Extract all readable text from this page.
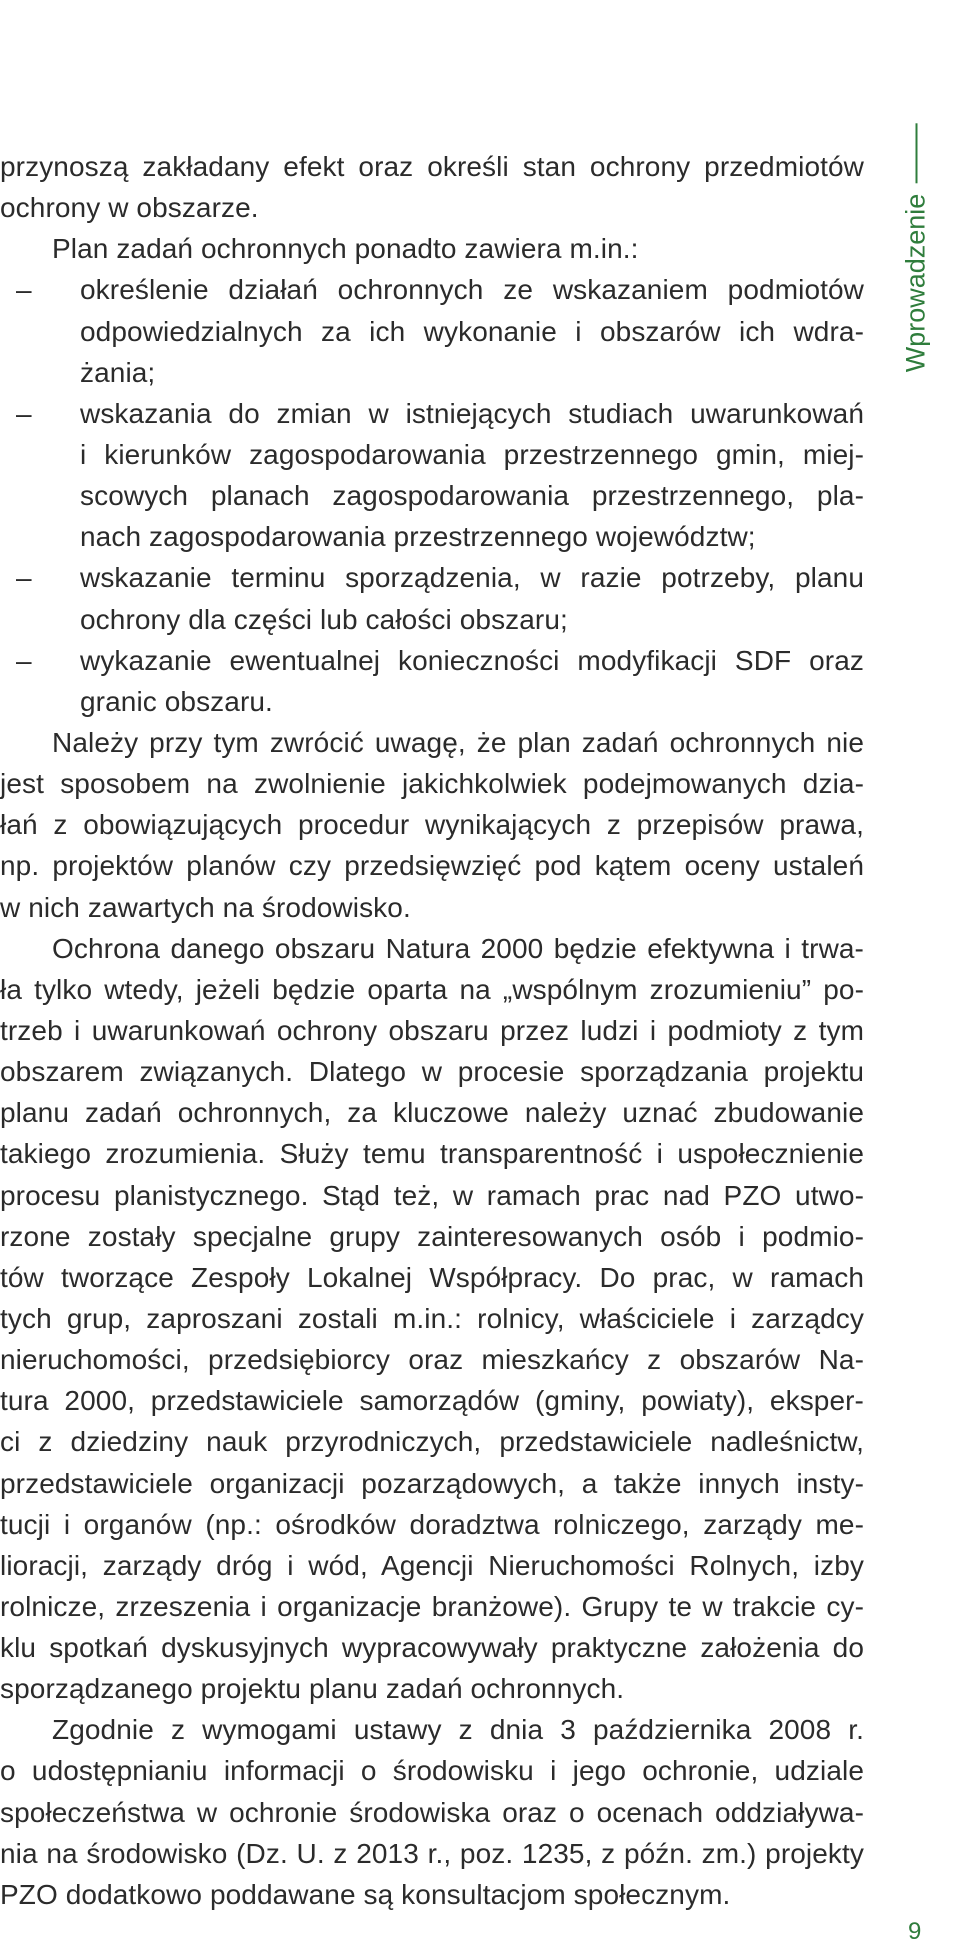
Wprowadzenie
przynoszą zakładany efekt oraz określi stan ochrony przedmiotów
ochrony w obszarze.
Plan zadań ochronnych ponadto zawiera m.in.:
– określenie działań ochronnych ze wskazaniem podmiotów
odpowiedzialnych za ich wykonanie i obszarów ich wdra-
żania;
– wskazania do zmian w istniejących studiach uwarunkowań
i kierunków zagospodarowania przestrzennego gmin, miej-
scowych planach zagospodarowania przestrzennego, pla-
nach zagospodarowania przestrzennego województw;
– wskazanie terminu sporządzenia, w razie potrzeby, planu
ochrony dla części lub całości obszaru;
– wykazanie ewentualnej konieczności modyfikacji SDF oraz
granic obszaru.
Należy przy tym zwrócić uwagę, że plan zadań ochronnych nie
jest sposobem na zwolnienie jakichkolwiek podejmowanych dzia-
łań z obowiązujących procedur wynikających z przepisów prawa,
np. projektów planów czy przedsięwzięć pod kątem oceny ustaleń
w nich zawartych na środowisko.
Ochrona danego obszaru Natura 2000 będzie efektywna i trwa-
ła tylko wtedy, jeżeli będzie oparta na „wspólnym zrozumieniu” po-
trzeb i uwarunkowań ochrony obszaru przez ludzi i podmioty z tym
obszarem związanych. Dlatego w procesie sporządzania projektu
planu zadań ochronnych, za kluczowe należy uznać zbudowanie
takiego zrozumienia. Służy temu transparentność i uspołecznienie
procesu planistycznego. Stąd też, w ramach prac nad PZO utwo-
rzone zostały specjalne grupy zainteresowanych osób i podmio-
tów tworzące Zespoły Lokalnej Współpracy. Do prac, w ramach
tych grup, zaproszani zostali m.in.: rolnicy, właściciele i zarządcy
nieruchomości, przedsiębiorcy oraz mieszkańcy z obszarów Na-
tura 2000, przedstawiciele samorządów (gminy, powiaty), eksper-
ci z dziedziny nauk przyrodniczych, przedstawiciele nadleśnictw,
przedstawiciele organizacji pozarządowych, a także innych insty-
tucji i organów (np.: ośrodków doradztwa rolniczego, zarządy me-
lioracji, zarządy dróg i wód, Agencji Nieruchomości Rolnych, izby
rolnicze, zrzeszenia i organizacje branżowe). Grupy te w trakcie cy-
klu spotkań dyskusyjnych wypracowywały praktyczne założenia do
sporządzanego projektu planu zadań ochronnych.
Zgodnie z wymogami ustawy z dnia 3 października 2008 r.
o udostępnianiu informacji o środowisku i jego ochronie, udziale
społeczeństwa w ochronie środowiska oraz o ocenach oddziaływa-
nia na środowisko (Dz. U. z 2013 r., poz. 1235, z późn. zm.) projekty
PZO dodatkowo poddawane są konsultacjom społecznym.
9
